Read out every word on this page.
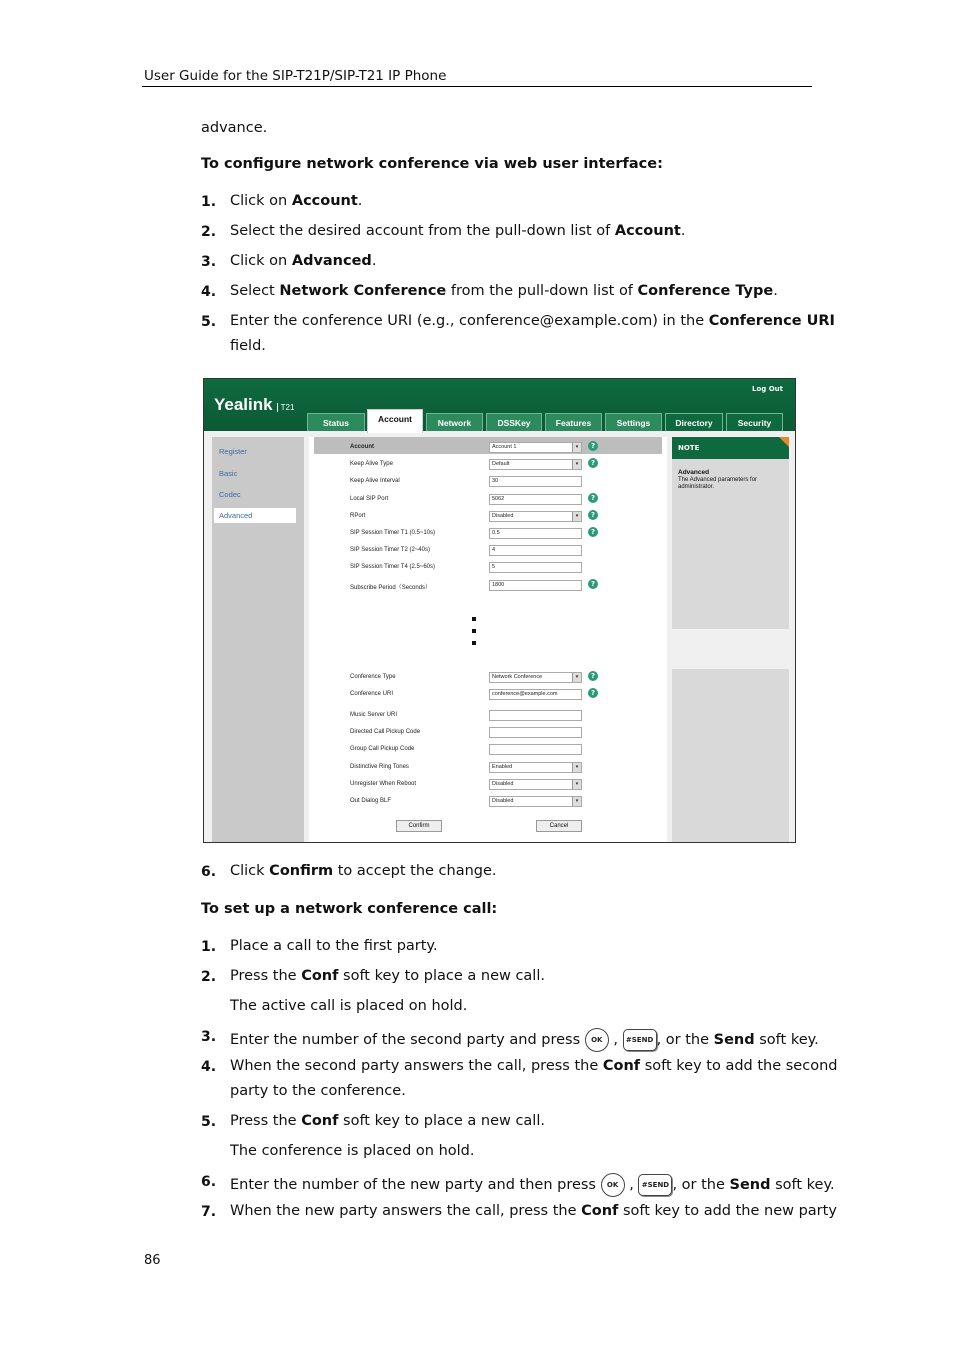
User Guide for the SIP-T21P/SIP-T21 IP Phone
advance.
To configure network conference via web user interface:
1. Click on Account.
2. Select the desired account from the pull-down list of Account.
3. Click on Advanced.
4. Select Network Conference from the pull-down list of Conference Type.
5. Enter the conference URI (e.g., conference@example.com) in the Conference URI
field.
Yealink T21
Log Out
Status	Account	Network	DSSKey	Features	Settings	Directory	Security
Register
Basic
Codec
Advanced
Account	Account 1	▾	?
Keep Alive Type	Default	▾	?
Keep Alive Interval	30
Local SIP Port	5062	?
RPort	Disabled	▾	?
SIP Session Timer T1 (0.5~10s)	0.5	?
SIP Session Timer T2 (2~40s)	4
SIP Session Timer T4 (2.5~60s)	5
Subscribe Period（Seconds）	1800	?
Conference Type	Network Conference	▾	?
Conference URI	conference@example.com	?
Music Server URI
Directed Call Pickup Code
Group Call Pickup Code
Distinctive Ring Tones	Enabled	▾
Unregister When Reboot	Disabled	▾
Out Dialog BLF	Disabled	▾
Confirm	Cancel
NOTE
Advanced
The Advanced parameters for administrator.
6. Click Confirm to accept the change.
To set up a network conference call:
1. Place a call to the first party.
2. Press the Conf soft key to place a new call.
The active call is placed on hold.
3. Enter the number of the second party and press OK , #SEND , or the Send soft key.
4. When the second party answers the call, press the Conf soft key to add the second
party to the conference.
5. Press the Conf soft key to place a new call.
The conference is placed on hold.
6. Enter the number of the new party and then press OK , #SEND , or the Send soft key.
7. When the new party answers the call, press the Conf soft key to add the new party
86
